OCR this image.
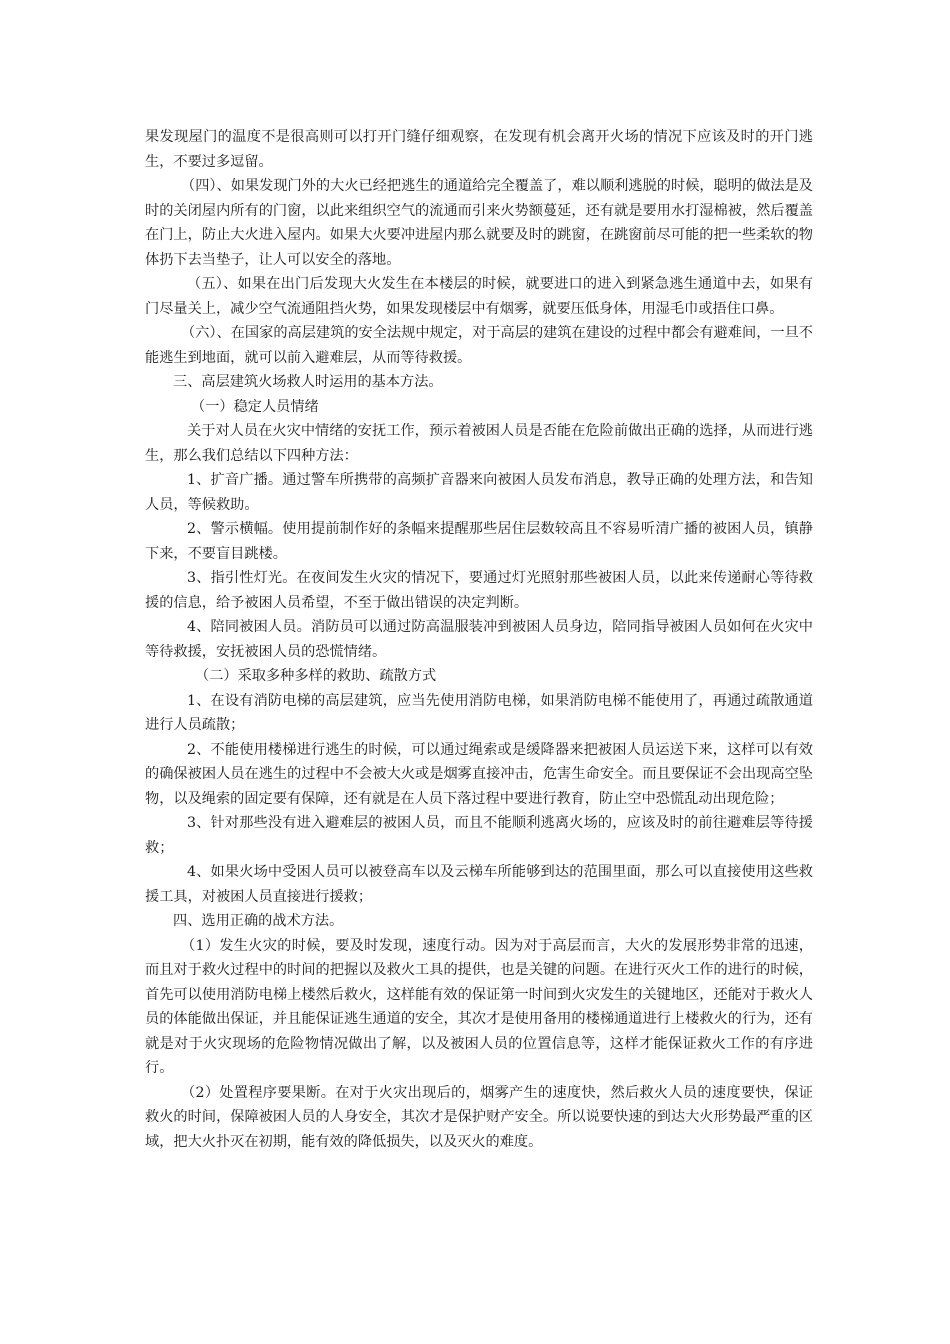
果发现屋门的温度不是很高则可以打开门缝仔细观察，在发现有机会离开火场的情况下应该及时的开门逃生，不要过多逗留。

（四）、如果发现门外的大火已经把逃生的通道给完全覆盖了，难以顺利逃脱的时候，聪明的做法是及时的关闭屋内所有的门窗，以此来组织空气的流通而引来火势额蔓延，还有就是要用水打湿棉被，然后覆盖在门上，防止大火进入屋内。如果大火要冲进屋内那么就要及时的跳窗，在跳窗前尽可能的把一些柔软的物体扔下去当垫子，让人可以安全的落地。

（五）、如果在出门后发现大火发生在本楼层的时候，就要进口的进入到紧急逃生通道中去，如果有门尽量关上，减少空气流通阻挡火势，如果发现楼层中有烟雾，就要压低身体，用湿毛巾或捂住口鼻。

（六）、在国家的高层建筑的安全法规中规定，对于高层的建筑在建设的过程中都会有避难间，一旦不能逃生到地面，就可以前入避难层，从而等待救援。

三、高层建筑火场救人时运用的基本方法。

（一）稳定人员情绪

关于对人员在火灾中情绪的安抚工作，预示着被困人员是否能在危险前做出正确的选择，从而进行逃生，那么我们总结以下四种方法：

1、扩音广播。通过警车所携带的高频扩音器来向被困人员发布消息，教导正确的处理方法，和告知人员，等候救助。

2、警示横幅。使用提前制作好的条幅来提醒那些居住层数较高且不容易听清广播的被困人员，镇静下来，不要盲目跳楼。

3、指引性灯光。在夜间发生火灾的情况下，要通过灯光照射那些被困人员，以此来传递耐心等待救援的信息，给予被困人员希望，不至于做出错误的决定判断。

4、陪同被困人员。消防员可以通过防高温服装冲到被困人员身边，陪同指导被困人员如何在火灾中等待救援，安抚被困人员的恐慌情绪。

（二）采取多种多样的救助、疏散方式

1、在设有消防电梯的高层建筑，应当先使用消防电梯，如果消防电梯不能使用了，再通过疏散通道进行人员疏散；

2、不能使用楼梯进行逃生的时候，可以通过绳索或是缓降器来把被困人员运送下来，这样可以有效的确保被困人员在逃生的过程中不会被大火或是烟雾直接冲击，危害生命安全。而且要保证不会出现高空坠物，以及绳索的固定要有保障，还有就是在人员下落过程中要进行教育，防止空中恐慌乱动出现危险；

3、针对那些没有进入避难层的被困人员，而且不能顺利逃离火场的，应该及时的前往避难层等待援救；

4、如果火场中受困人员可以被登高车以及云梯车所能够到达的范围里面，那么可以直接使用这些救援工具，对被困人员直接进行援救；

四、选用正确的战术方法。

（1）发生火灾的时候，要及时发现，速度行动。因为对于高层而言，大火的发展形势非常的迅速，而且对于救火过程中的时间的把握以及救火工具的提供，也是关键的问题。在进行灭火工作的进行的时候，首先可以使用消防电梯上楼然后救火，这样能有效的保证第一时间到火灾发生的关键地区，还能对于救火人员的体能做出保证，并且能保证逃生通道的安全，其次才是使用备用的楼梯通道进行上楼救火的行为，还有就是对于火灾现场的危险物情况做出了解，以及被困人员的位置信息等，这样才能保证救火工作的有序进行。

（2）处置程序要果断。在对于火灾出现后的，烟雾产生的速度快，然后救火人员的速度要快，保证救火的时间，保障被困人员的人身安全，其次才是保护财产安全。所以说要快速的到达大火形势最严重的区域，把大火扑灭在初期，能有效的降低损失，以及灭火的难度。
